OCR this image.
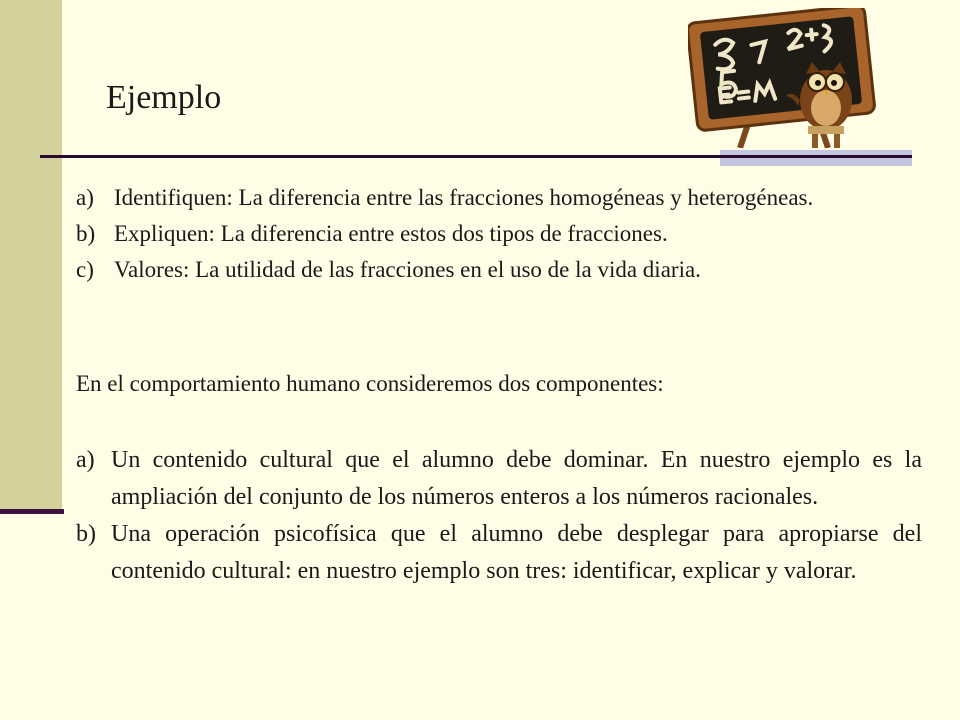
Ejemplo
a) Identifiquen: La diferencia entre las fracciones homogéneas y heterogéneas.
b) Expliquen: La diferencia entre estos dos tipos de fracciones.
c) Valores: La utilidad de las fracciones en el uso de la vida diaria.
En el comportamiento humano consideremos dos componentes:
a) Un contenido cultural que el alumno debe dominar. En nuestro ejemplo es la ampliación del conjunto de los números enteros a los números racionales.
b) Una operación psicofísica que el alumno debe desplegar para apropiarse del contenido cultural: en nuestro ejemplo son tres: identificar, explicar y valorar.
